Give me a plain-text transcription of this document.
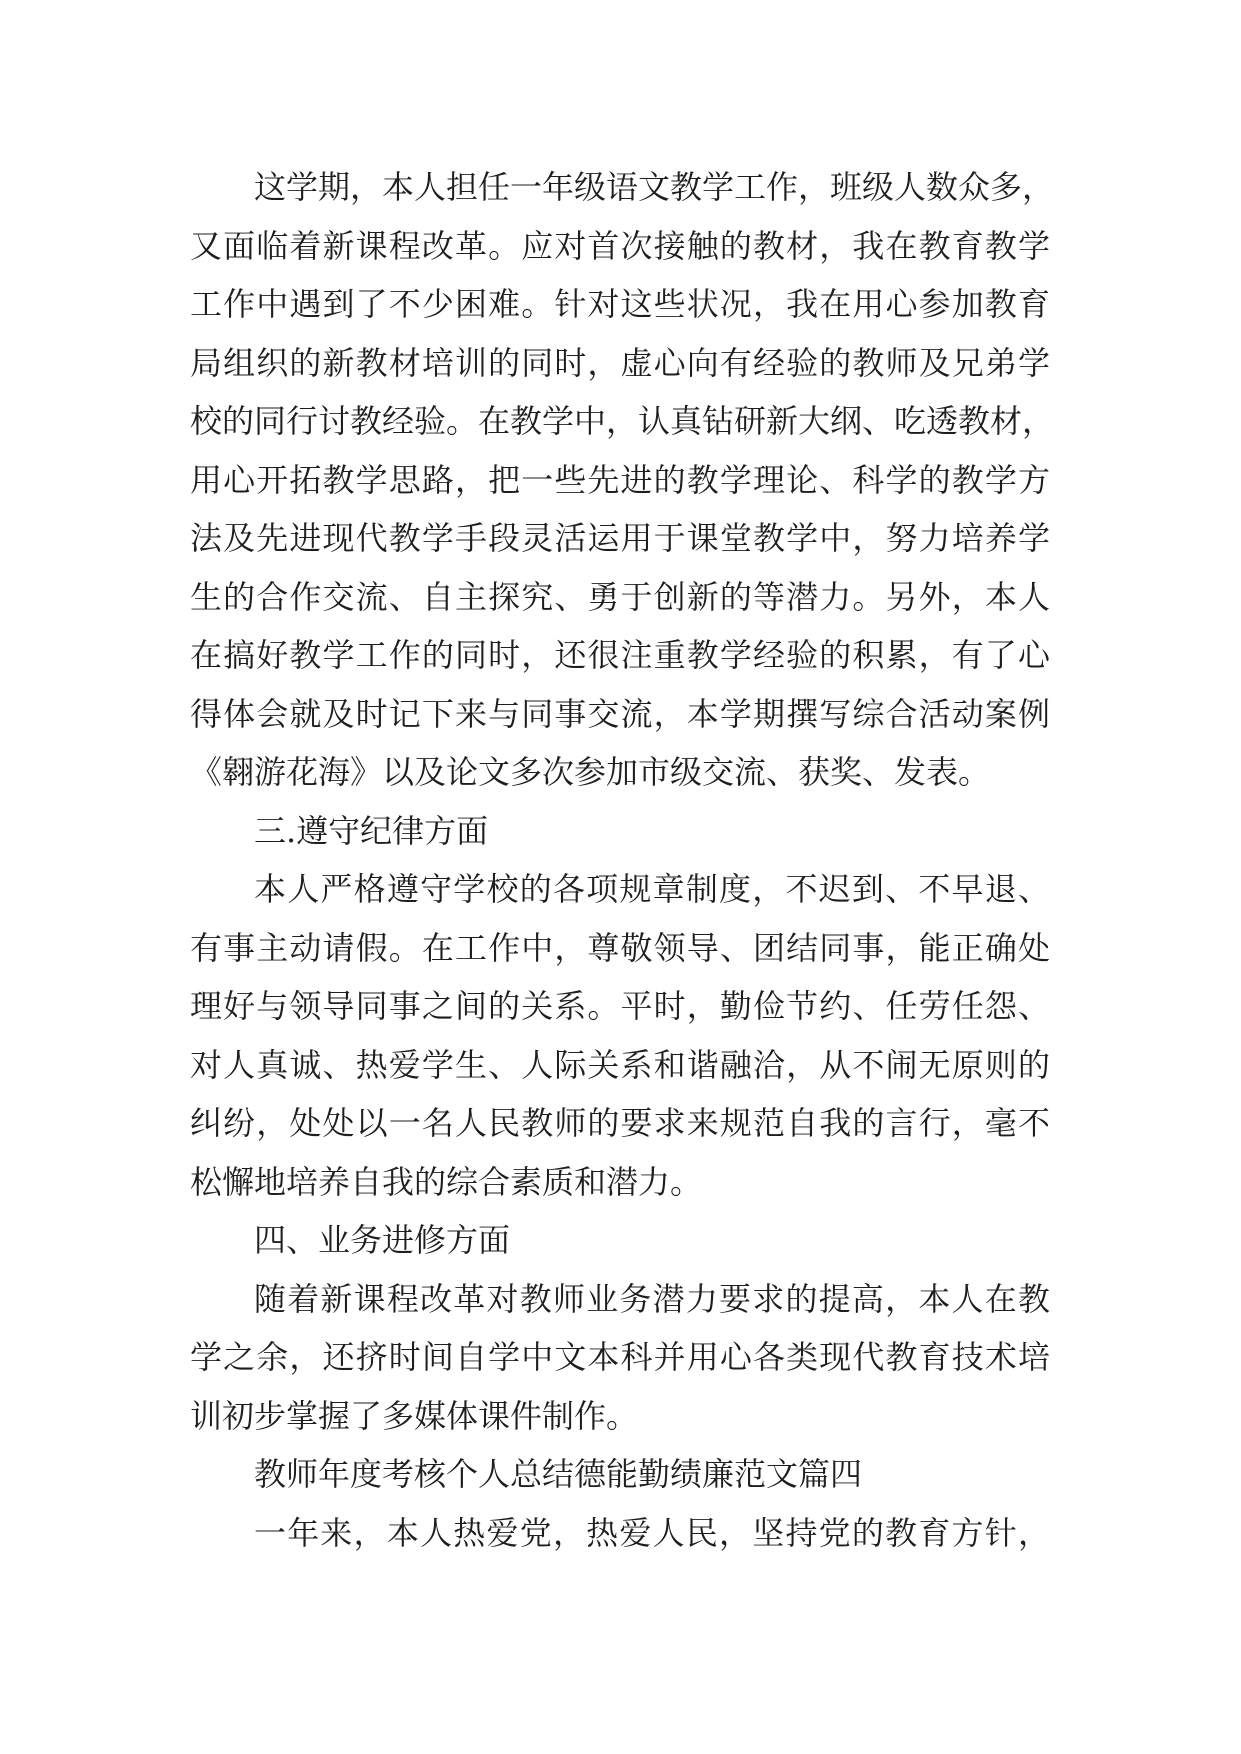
这学期，本人担任一年级语文教学工作，班级人数众多，
又面临着新课程改革。应对首次接触的教材，我在教育教学
工作中遇到了不少困难。针对这些状况，我在用心参加教育
局组织的新教材培训的同时，虚心向有经验的教师及兄弟学
校的同行讨教经验。在教学中，认真钻研新大纲、吃透教材，
用心开拓教学思路，把一些先进的教学理论、科学的教学方
法及先进现代教学手段灵活运用于课堂教学中，努力培养学
生的合作交流、自主探究、勇于创新的等潜力。另外，本人
在搞好教学工作的同时，还很注重教学经验的积累，有了心
得体会就及时记下来与同事交流，本学期撰写综合活动案例
《翱游花海》以及论文多次参加市级交流、获奖、发表。
三.遵守纪律方面
本人严格遵守学校的各项规章制度，不迟到、不早退、
有事主动请假。在工作中，尊敬领导、团结同事，能正确处
理好与领导同事之间的关系。平时，勤俭节约、任劳任怨、
对人真诚、热爱学生、人际关系和谐融洽，从不闹无原则的
纠纷，处处以一名人民教师的要求来规范自我的言行，毫不
松懈地培养自我的综合素质和潜力。
四、业务进修方面
随着新课程改革对教师业务潜力要求的提高，本人在教
学之余，还挤时间自学中文本科并用心各类现代教育技术培
训初步掌握了多媒体课件制作。
教师年度考核个人总结德能勤绩廉范文篇四
一年来，本人热爱党，热爱人民，坚持党的教育方针，
